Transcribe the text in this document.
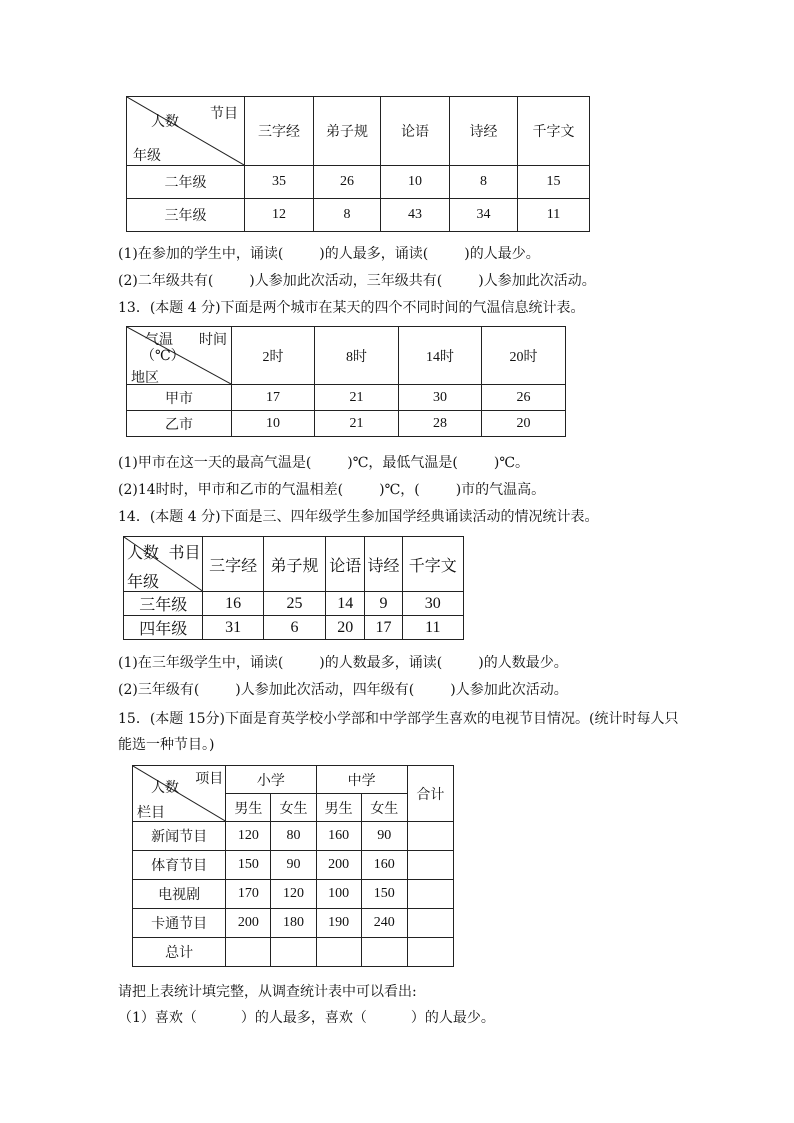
节目
人数
年级	三字经	弟子规	论语	诗经	千字文
二年级	35	26	10	8	15
三年级	12	8	43	34	11
(1)在参加的学生中，诵读(	)的人最多，诵读(	)的人最少。
(2)二年级共有(	)人参加此次活动，三年级共有(	)人参加此次活动。
13．(本题 4 分)下面是两个城市在某天的四个不同时间的气温信息统计表。
气温 时间
（℃）
地区	2时	8时	14时	20时
甲市	17	21	30	26
乙市	10	21	28	20
(1)甲市在这一天的最高气温是(	)℃，最低气温是(	)℃。
(2)14时时，甲市和乙市的气温相差(	)℃，(	)市的气温高。
14．(本题 4 分)下面是三、四年级学生参加国学经典诵读活动的情况统计表。
书目
人数
年级	三字经	弟子规	论语	诗经	千字文
三年级	16	25	14	9	30
四年级	31	6	20	17	11
(1)在三年级学生中，诵读(	)的人数最多，诵读(	)的人数最少。
(2)三年级有(	)人参加此次活动，四年级有(	)人参加此次活动。
15．(本题 15分)下面是育英学校小学部和中学部学生喜欢的电视节目情况。(统计时每人只
能选一种节目。)
项目
人数
栏目	小学		中学		合计
	男生	女生	男生	女生	
新闻节目	120	80	160	90	
体育节目	150	90	200	160	
电视剧	170	120	100	150	
卡通节目	200	180	190	240	
总计					
请把上表统计填完整，从调查统计表中可以看出:
（1）喜欢（	）的人最多，喜欢（	）的人最少。
